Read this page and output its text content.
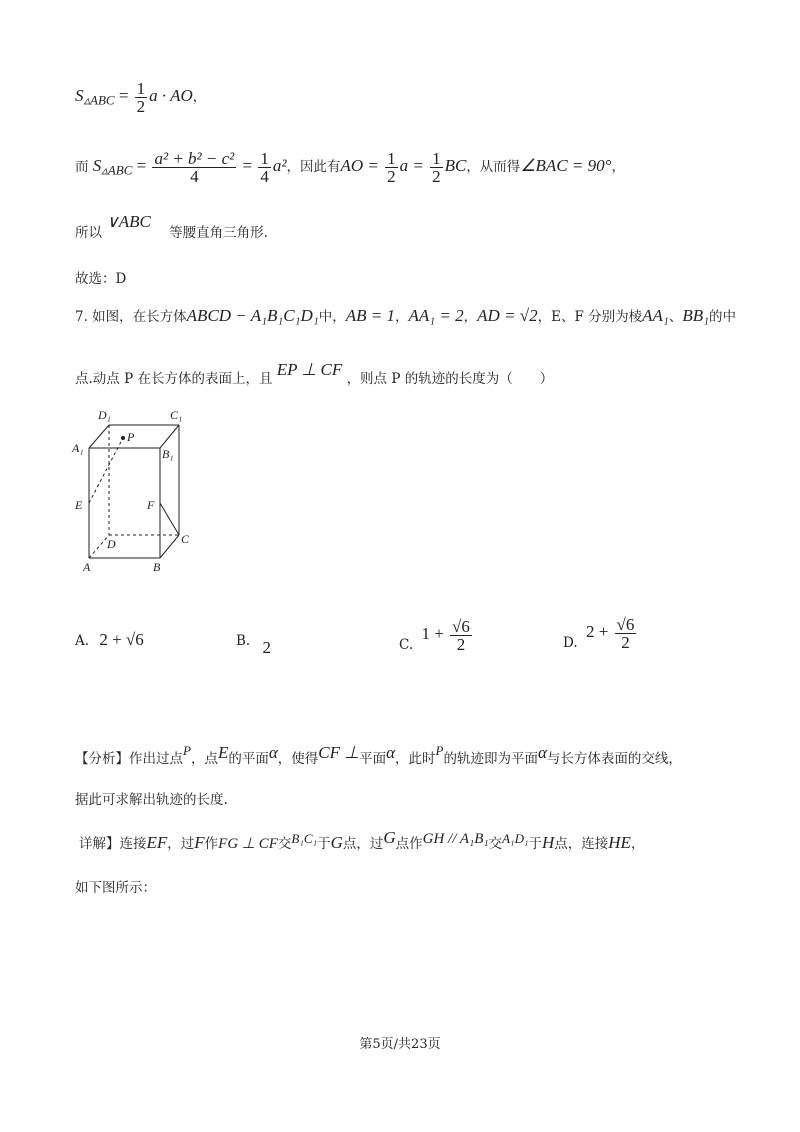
$S_{▵ABC} = \frac{1}{2}$ a · AO，
而 $S_{▵ABC} = \frac{\text{a² + b² − c²}}{4} = \frac{1}{4} a^2$，因此有AO = $\frac{1}{2}$ $a = \frac{1}{2}$ BC，从而得∠BAC = 90°，
所以 ∨ABC 等腰直角三角形.
故选：D
7. 如图，在长方体ABCD − A₁B₁C₁D₁中，AB = 1，AA₁ = 2，AD = √2，E、F 分别为棱AA₁、BB₁的中
点.动点 P 在长方体的表面上，且 EP ⊥ CF ，则点 P 的轨迹的长度为（　　）
D₁	C₁
A₁	B₁
P
E	F
D	C
A	B
A. 2 + √6	B. 2	C. $1 + \frac{√6}{2}$	D. $2 + \frac{√6}{2}$
【分析】作出过点P，点E的平面α，使得CF ⊥平面α，此时P的轨迹即为平面α与长方体表面的交线，
据此可求解出轨迹的长度.
详解】连接EF，过F作FG ⊥ CF交B₁C₁于G点，过G点作GH // A₁B₁交A₁D₁于H点，连接HE，
如下图所示：
第5页/共23页
